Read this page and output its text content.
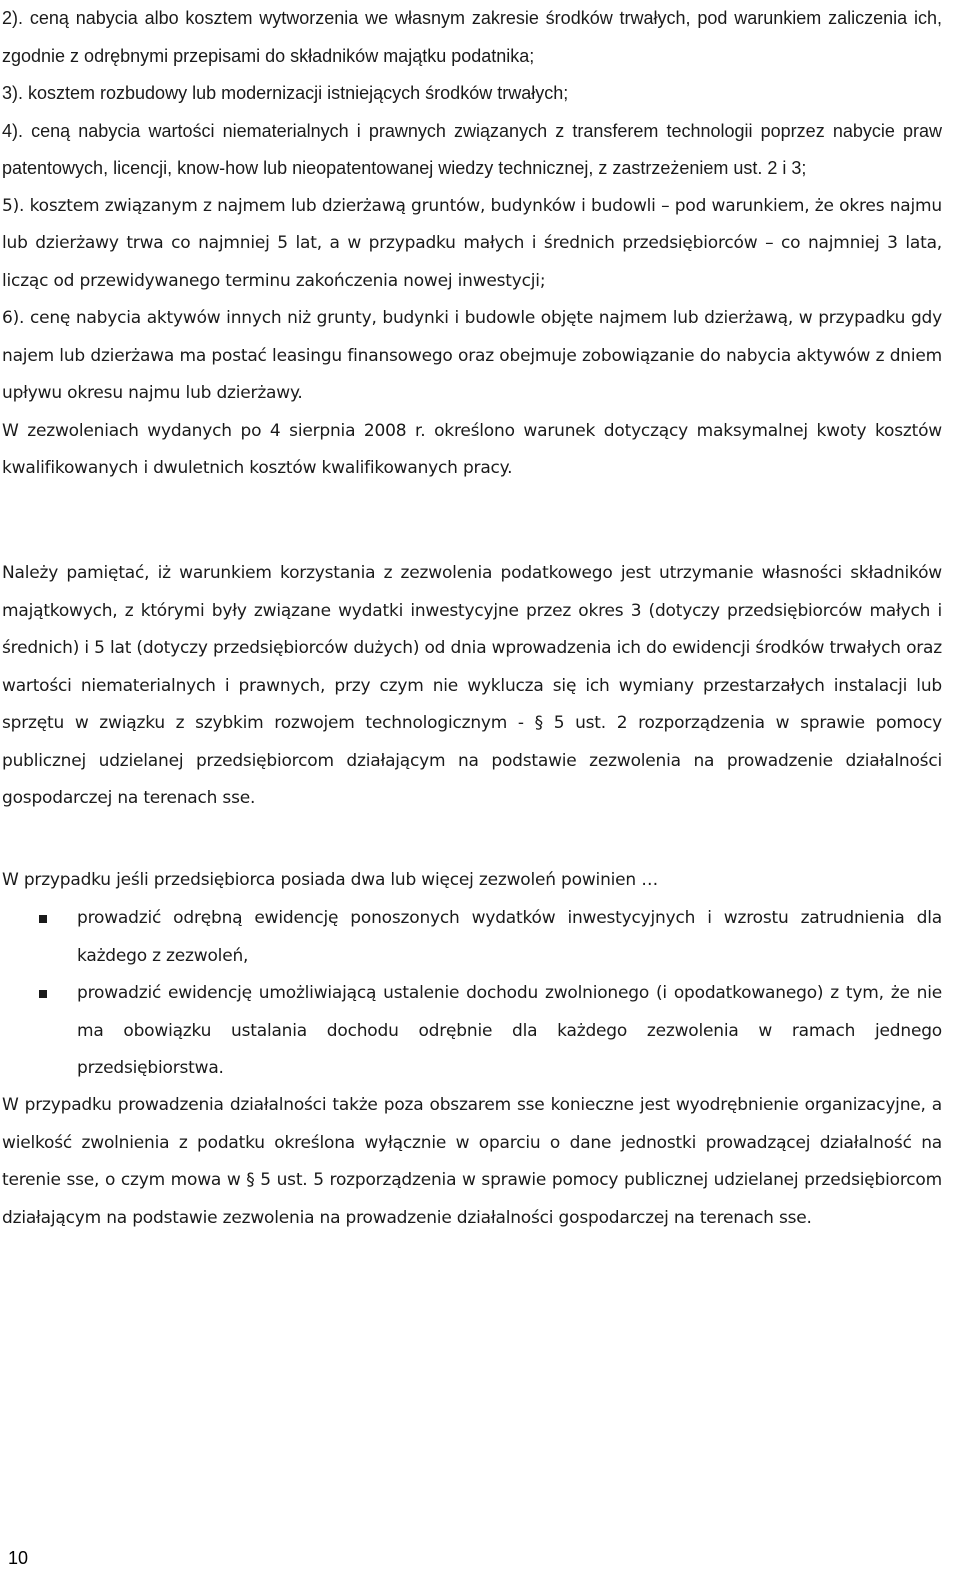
2). ceną nabycia albo kosztem wytworzenia we własnym zakresie środków trwałych, pod warunkiem zaliczenia ich, zgodnie z odrębnymi przepisami do składników majątku podatnika;
3). kosztem rozbudowy lub modernizacji istniejących środków trwałych;
4). ceną nabycia wartości niematerialnych i prawnych związanych z transferem technologii poprzez nabycie praw patentowych, licencji, know-how lub nieopatentowanej wiedzy technicznej, z zastrzeżeniem ust. 2 i 3;
5). kosztem związanym z najmem lub dzierżawą gruntów, budynków i budowli – pod warunkiem, że okres najmu lub dzierżawy trwa co najmniej 5 lat, a w przypadku małych i średnich przedsiębiorców – co najmniej 3 lata, licząc od przewidywanego terminu zakończenia nowej inwestycji;
6). cenę nabycia aktywów innych niż grunty, budynki i budowle objęte najmem lub dzierżawą, w przypadku gdy najem lub dzierżawa ma postać leasingu finansowego oraz obejmuje zobowiązanie do nabycia aktywów z dniem upływu okresu najmu lub dzierżawy.
W zezwoleniach wydanych po 4 sierpnia 2008 r. określono warunek dotyczący maksymalnej kwoty kosztów kwalifikowanych i dwuletnich kosztów kwalifikowanych pracy.

Należy pamiętać, iż warunkiem korzystania z zezwolenia podatkowego jest utrzymanie własności składników majątkowych, z którymi były związane wydatki inwestycyjne przez okres 3 (dotyczy przedsiębiorców małych i średnich) i 5 lat (dotyczy przedsiębiorców dużych) od dnia wprowadzenia ich do ewidencji środków trwałych oraz wartości niematerialnych i prawnych, przy czym nie wyklucza się ich wymiany przestarzałych instalacji lub sprzętu w związku z szybkim rozwojem technologicznym - § 5 ust. 2 rozporządzenia w sprawie pomocy publicznej udzielanej przedsiębiorcom działającym na podstawie zezwolenia na prowadzenie działalności gospodarczej na terenach sse.

W przypadku jeśli przedsiębiorca posiada dwa lub więcej zezwoleń powinien …

prowadzić odrębną ewidencję ponoszonych wydatków inwestycyjnych i wzrostu zatrudnienia dla każdego z zezwoleń,
prowadzić ewidencję umożliwiającą ustalenie dochodu zwolnionego (i opodatkowanego) z tym, że nie ma obowiązku ustalania dochodu odrębnie dla każdego zezwolenia w ramach jednego przedsiębiorstwa.

W przypadku prowadzenia działalności także poza obszarem sse konieczne jest wyodrębnienie organizacyjne, a wielkość zwolnienia z podatku określona wyłącznie w oparciu o dane jednostki prowadzącej działalność na terenie sse, o czym mowa w § 5 ust. 5 rozporządzenia w sprawie pomocy publicznej udzielanej przedsiębiorcom działającym na podstawie zezwolenia na prowadzenie działalności gospodarczej na terenach sse.

10
